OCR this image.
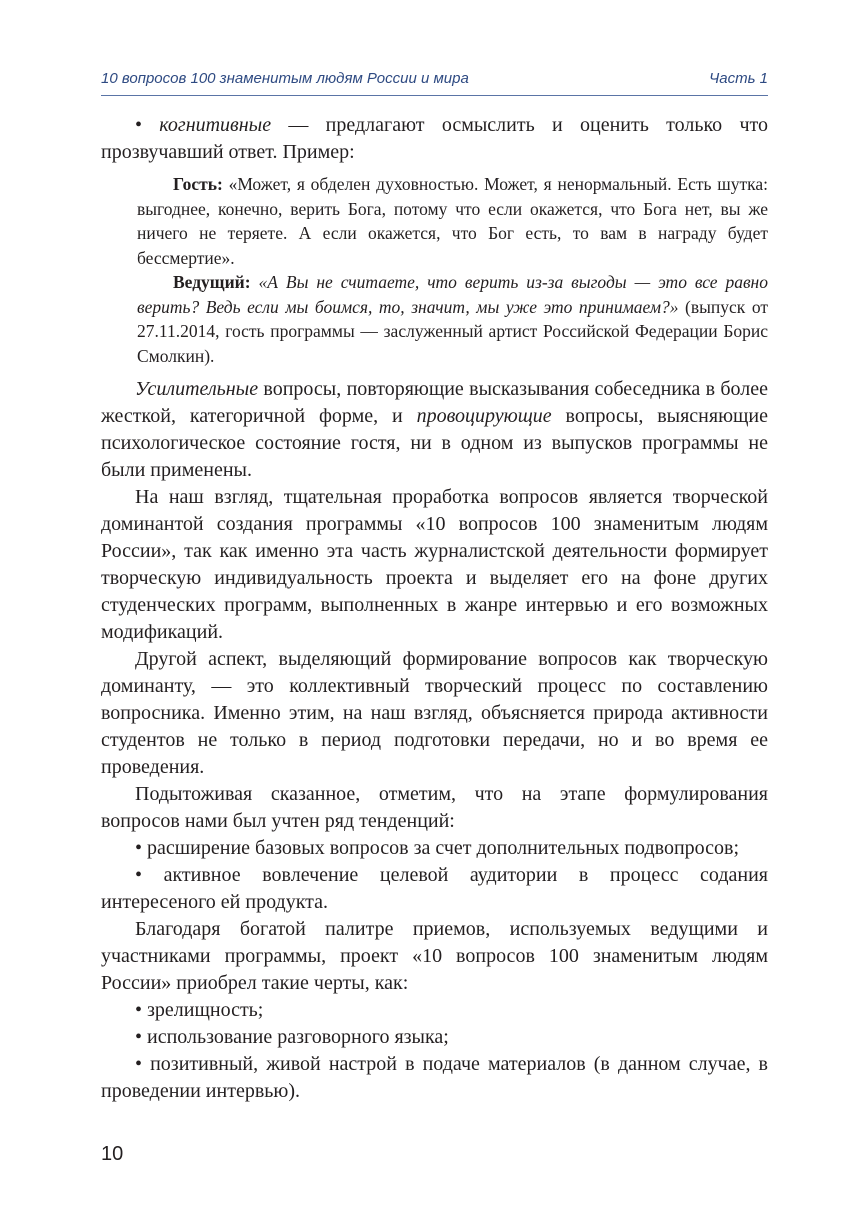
10 вопросов 100 знаменитым людям России и мира	Часть 1

• когнитивные — предлагают осмыслить и оценить только что прозвучавший ответ. Пример:

Гость: «Может, я обделен духовностью. Может, я ненормальный. Есть шутка: выгоднее, конечно, верить Бога, потому что если окажется, что Бога нет, вы же ничего не теряете. А если окажется, что Бог есть, то вам в награду будет бессмертие».

Ведущий: «А Вы не считаете, что верить из-за выгоды — это все равно верить? Ведь если мы боимся, то, значит, мы уже это принимаем?» (выпуск от 27.11.2014, гость программы — заслуженный артист Российской Федерации Борис Смолкин).

Усилительные вопросы, повторяющие высказывания собеседника в более жесткой, категоричной форме, и провоцирующие вопросы, выясняющие психологическое состояние гостя, ни в одном из выпусков программы не были применены.

На наш взгляд, тщательная проработка вопросов является творческой доминантой создания программы «10 вопросов 100 знаменитым людям России», так как именно эта часть журналистской деятельности формирует творческую индивидуальность проекта и выделяет его на фоне других студенческих программ, выполненных в жанре интервью и его возможных модификаций.

Другой аспект, выделяющий формирование вопросов как творческую доминанту, — это коллективный творческий процесс по составлению вопросника. Именно этим, на наш взгляд, объясняется природа активности студентов не только в период подготовки передачи, но и во время ее проведения.

Подытоживая сказанное, отметим, что на этапе формулирования вопросов нами был учтен ряд тенденций:

• расширение базовых вопросов за счет дополнительных подвопросов;

• активное вовлечение целевой аудитории в процесс содания интересеного ей продукта.

Благодаря богатой палитре приемов, используемых ведущими и участниками программы, проект «10 вопросов 100 знаменитым людям России» приобрел такие черты, как:

• зрелищность;

• использование разговорного языка;

• позитивный, живой настрой в подаче материалов (в данном случае, в проведении интервью).

10
